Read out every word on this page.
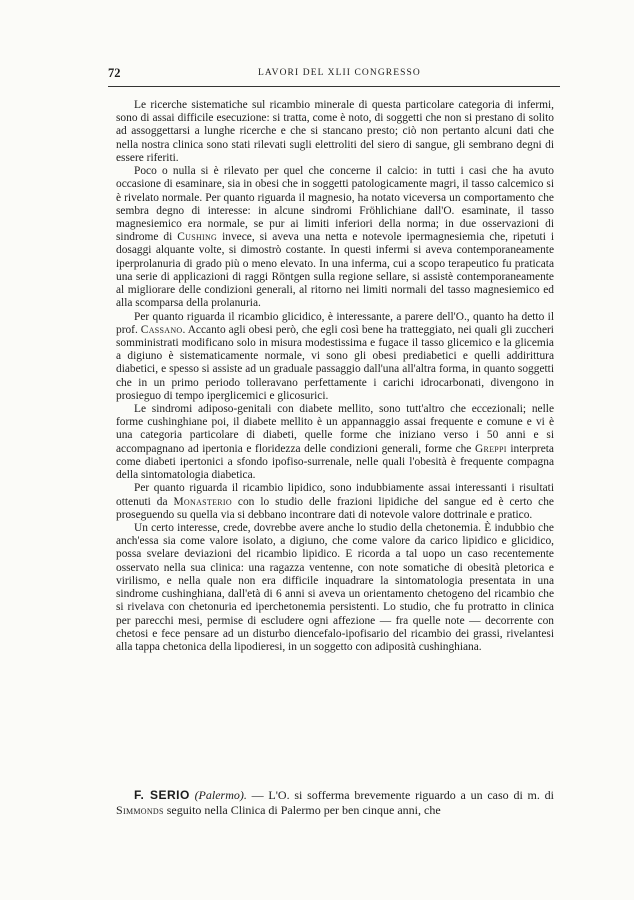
72	LAVORI DEL XLII CONGRESSO

Le ricerche sistematiche sul ricambio minerale di questa particolare categoria di infermi, sono di assai difficile esecuzione: si tratta, come è noto, di soggetti che non si prestano di solito ad assoggettarsi a lunghe ricerche e che si stancano presto; ciò non pertanto alcuni dati che nella nostra clinica sono stati rilevati sugli elettroliti del siero di sangue, gli sembrano degni di essere riferiti.

Poco o nulla si è rilevato per quel che concerne il calcio: in tutti i casi che ha avuto occasione di esaminare, sia in obesi che in soggetti patologicamente magri, il tasso calcemico si è rivelato normale. Per quanto riguarda il magnesio, ha notato viceversa un comportamento che sembra degno di interesse: in alcune sindromi Fröhlichiane dall'O. esaminate, il tasso magnesiemico era normale, se pur ai limiti inferiori della norma; in due osservazioni di sindrome di Cushing invece, si aveva una netta e notevole ipermagnesiemia che, ripetuti i dosaggi alquante volte, si dimostrò costante. In questi infermi si aveva contemporaneamente iperprolanuria di grado più o meno elevato. In una inferma, cui a scopo terapeutico fu praticata una serie di applicazioni di raggi Röntgen sulla regione sellare, si assistè contemporaneamente al migliorare delle condizioni generali, al ritorno nei limiti normali del tasso magnesiemico ed alla scomparsa della prolanuria.

Per quanto riguarda il ricambio glicidico, è interessante, a parere dell'O., quanto ha detto il prof. Cassano. Accanto agli obesi però, che egli così bene ha tratteggiato, nei quali gli zuccheri somministrati modificano solo in misura modestissima e fugace il tasso glicemico e la glicemia a digiuno è sistematicamente normale, vi sono gli obesi prediabetici e quelli addirittura diabetici, e spesso si assiste ad un graduale passaggio dall'una all'altra forma, in quanto soggetti che in un primo periodo tolleravano perfettamente i carichi idrocarbonati, divengono in prosieguo di tempo iperglicemici e glicosurici.

Le sindromi adiposo-genitali con diabete mellito, sono tutt'altro che eccezionali; nelle forme cushinghiane poi, il diabete mellito è un appannaggio assai frequente e comune e vi è una categoria particolare di diabeti, quelle forme che iniziano verso i 50 anni e si accompagnano ad ipertonia e floridezza delle condizioni generali, forme che Greppi interpreta come diabeti ipertonici a sfondo ipofiso-surrenale, nelle quali l'obesità è frequente compagna della sintomatologia diabetica.

Per quanto riguarda il ricambio lipidico, sono indubbiamente assai interessanti i risultati ottenuti da Monasterio con lo studio delle frazioni lipidiche del sangue ed è certo che proseguendo su quella via si debbano incontrare dati di notevole valore dottrinale e pratico.

Un certo interesse, crede, dovrebbe avere anche lo studio della chetonemia. È indubbio che anch'essa sia come valore isolato, a digiuno, che come valore da carico lipidico e glicidico, possa svelare deviazioni del ricambio lipidico. E ricorda a tal uopo un caso recentemente osservato nella sua clinica: una ragazza ventenne, con note somatiche di obesità pletorica e virilismo, e nella quale non era difficile inquadrare la sintomatologia presentata in una sindrome cushinghiana, dall'età di 6 anni si aveva un orientamento chetogeno del ricambio che si rivelava con chetonuria ed iperchetonemia persistenti. Lo studio, che fu protratto in clinica per parecchi mesi, permise di escludere ogni affezione — fra quelle note — decorrente con chetosi e fece pensare ad un disturbo diencefalo-ipofisario del ricambio dei grassi, rivelantesi alla tappa chetonica della lipodieresi, in un soggetto con adiposità cushinghiana.

F. SERIO (Palermo). — L'O. si sofferma brevemente riguardo a un caso di m. di Simmonds seguito nella Clinica di Palermo per ben cinque anni, che
